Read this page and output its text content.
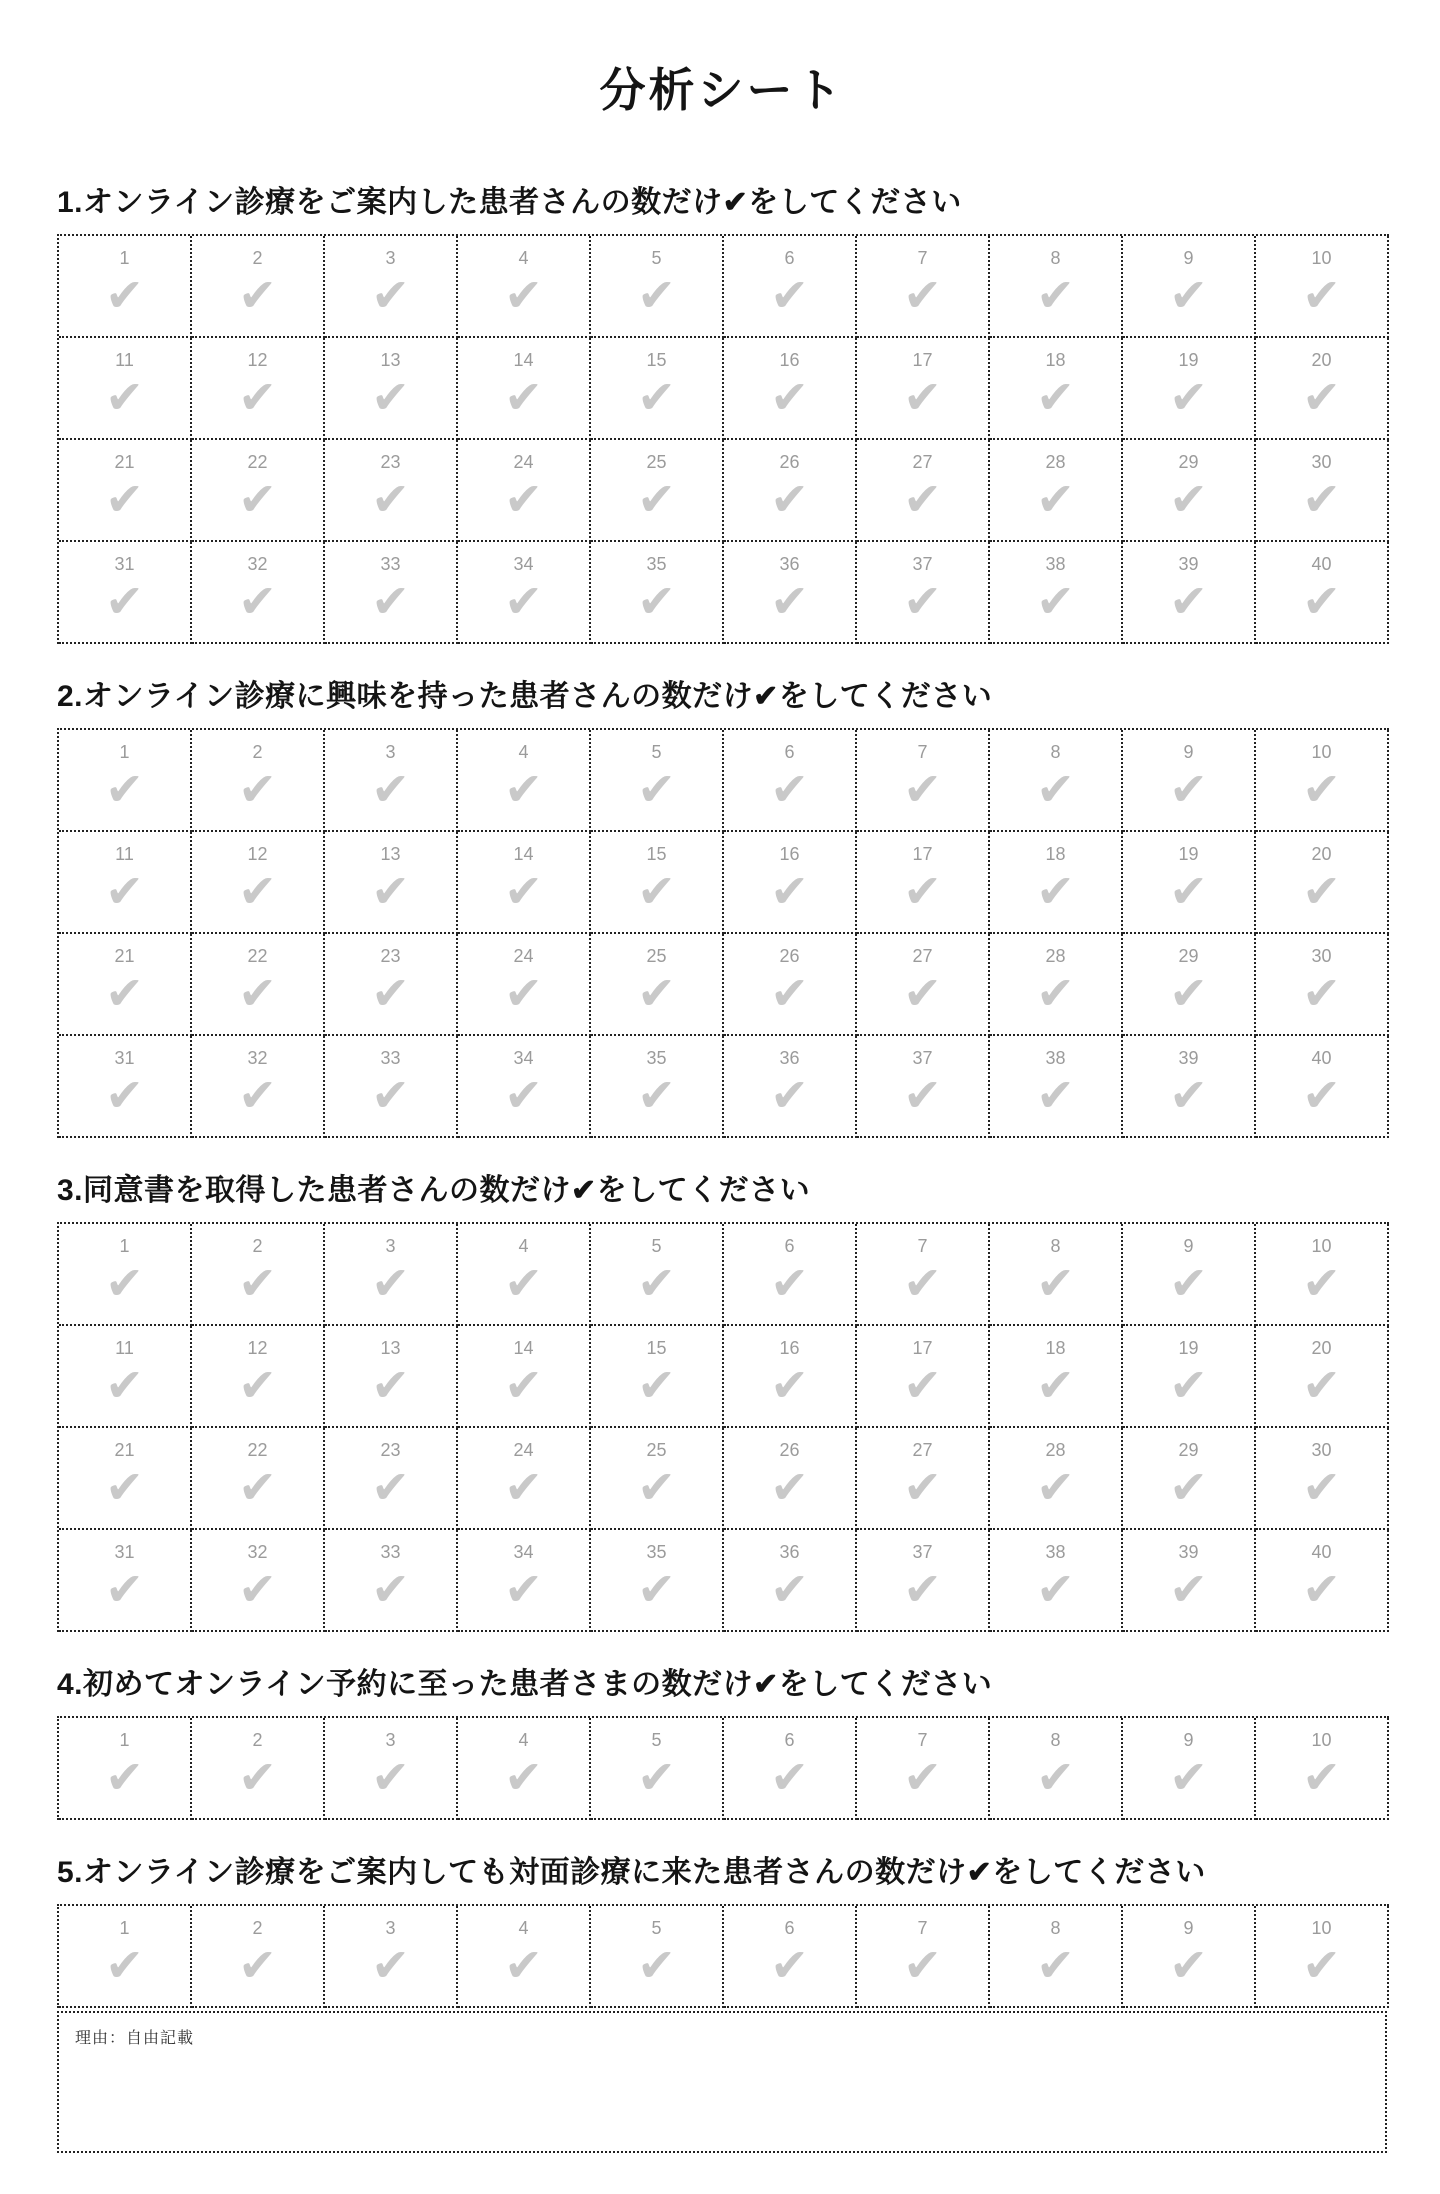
分析シート
1.オンライン診療をご案内した患者さんの数だけ✔をしてください
1
✔
2
✔
3
✔
4
✔
5
✔
6
✔
7
✔
8
✔
9
✔
10
✔
11
✔
12
✔
13
✔
14
✔
15
✔
16
✔
17
✔
18
✔
19
✔
20
✔
21
✔
22
✔
23
✔
24
✔
25
✔
26
✔
27
✔
28
✔
29
✔
30
✔
31
✔
32
✔
33
✔
34
✔
35
✔
36
✔
37
✔
38
✔
39
✔
40
✔
2.オンライン診療に興味を持った患者さんの数だけ✔をしてください
1
✔
2
✔
3
✔
4
✔
5
✔
6
✔
7
✔
8
✔
9
✔
10
✔
11
✔
12
✔
13
✔
14
✔
15
✔
16
✔
17
✔
18
✔
19
✔
20
✔
21
✔
22
✔
23
✔
24
✔
25
✔
26
✔
27
✔
28
✔
29
✔
30
✔
31
✔
32
✔
33
✔
34
✔
35
✔
36
✔
37
✔
38
✔
39
✔
40
✔
3.同意書を取得した患者さんの数だけ✔をしてください
1
✔
2
✔
3
✔
4
✔
5
✔
6
✔
7
✔
8
✔
9
✔
10
✔
11
✔
12
✔
13
✔
14
✔
15
✔
16
✔
17
✔
18
✔
19
✔
20
✔
21
✔
22
✔
23
✔
24
✔
25
✔
26
✔
27
✔
28
✔
29
✔
30
✔
31
✔
32
✔
33
✔
34
✔
35
✔
36
✔
37
✔
38
✔
39
✔
40
✔
4.初めてオンライン予約に至った患者さまの数だけ✔をしてください
1
✔
2
✔
3
✔
4
✔
5
✔
6
✔
7
✔
8
✔
9
✔
10
✔
5.オンライン診療をご案内しても対面診療に来た患者さんの数だけ✔をしてください
1
✔
2
✔
3
✔
4
✔
5
✔
6
✔
7
✔
8
✔
9
✔
10
✔
理由：自由記載
